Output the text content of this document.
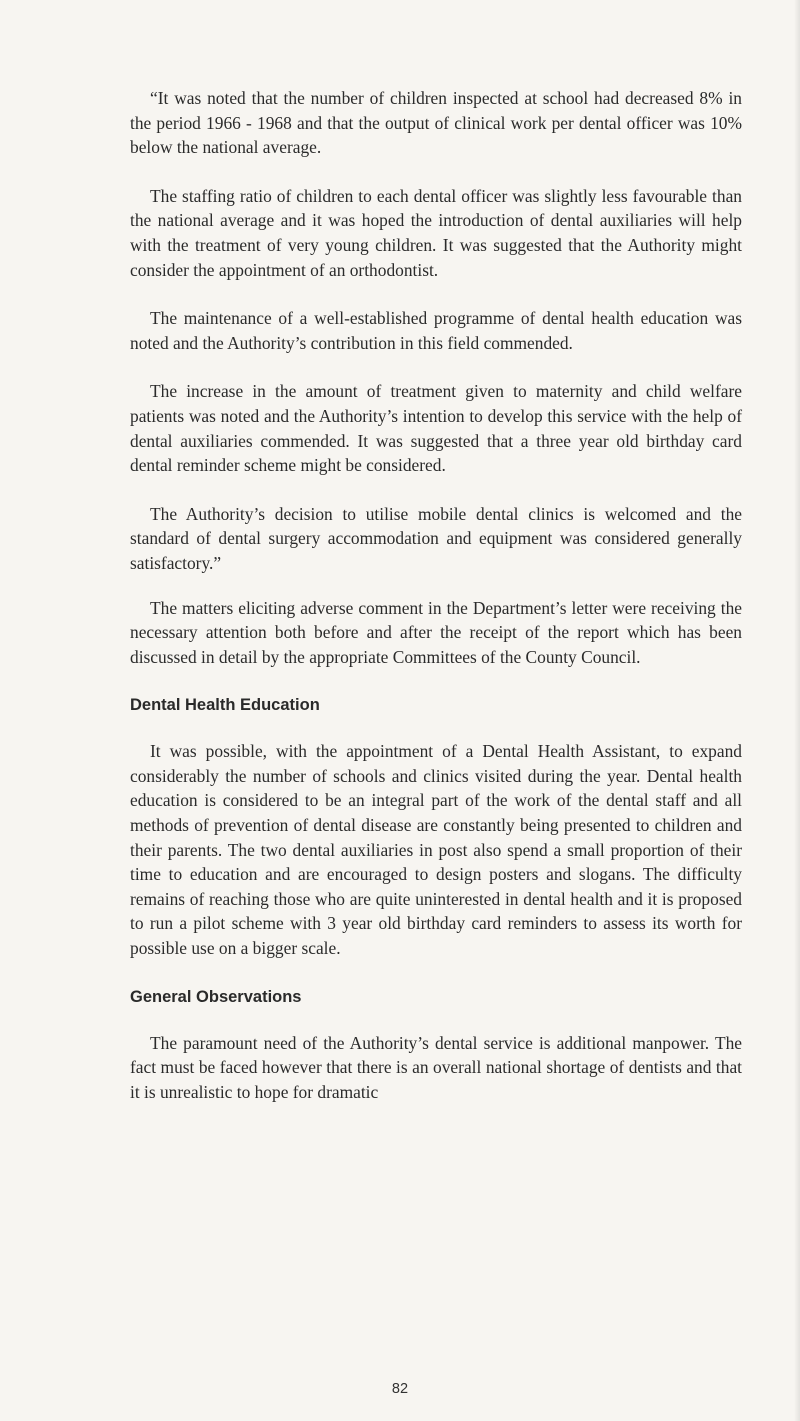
“It was noted that the number of children inspected at school had decreased 8% in the period 1966 - 1968 and that the output of clinical work per dental officer was 10% below the national average.

The staffing ratio of children to each dental officer was slightly less favourable than the national average and it was hoped the introduction of dental auxiliaries will help with the treatment of very young children. It was suggested that the Authority might consider the appointment of an orthodontist.

The maintenance of a well-established programme of dental health education was noted and the Authority’s contribution in this field commended.

The increase in the amount of treatment given to maternity and child welfare patients was noted and the Authority’s intention to develop this service with the help of dental auxiliaries commended. It was suggested that a three year old birthday card dental reminder scheme might be considered.

The Authority’s decision to utilise mobile dental clinics is welcomed and the standard of dental surgery accommodation and equipment was considered generally satisfactory.”

The matters eliciting adverse comment in the Department’s letter were receiving the necessary attention both before and after the receipt of the report which has been discussed in detail by the appropriate Committees of the County Council.

Dental Health Education

It was possible, with the appointment of a Dental Health Assistant, to expand considerably the number of schools and clinics visited during the year. Dental health education is considered to be an integral part of the work of the dental staff and all methods of prevention of dental disease are constantly being presented to children and their parents. The two dental auxiliaries in post also spend a small proportion of their time to education and are encouraged to design posters and slogans. The difficulty remains of reaching those who are quite uninterested in dental health and it is proposed to run a pilot scheme with 3 year old birthday card reminders to assess its worth for possible use on a bigger scale.

General Observations

The paramount need of the Authority’s dental service is additional manpower. The fact must be faced however that there is an overall national shortage of dentists and that it is unrealistic to hope for dramatic

82
